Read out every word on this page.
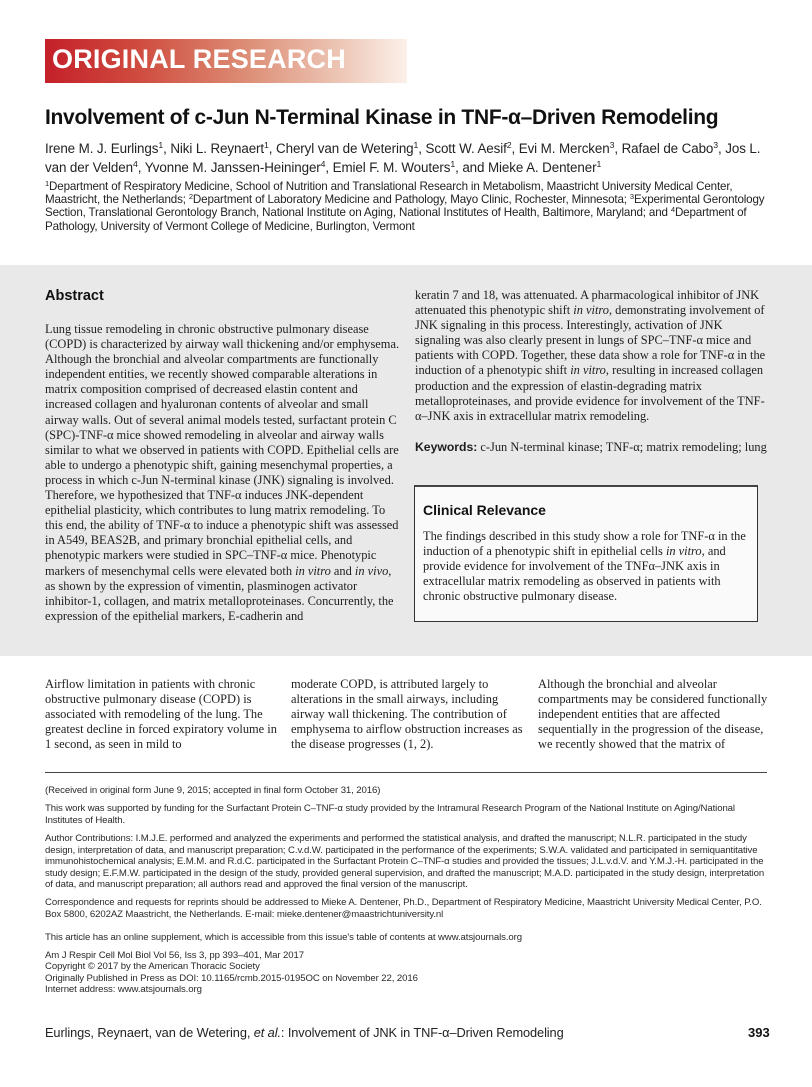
ORIGINAL RESEARCH
Involvement of c-Jun N-Terminal Kinase in TNF-α–Driven Remodeling
Irene M. J. Eurlings$^1$, Niki L. Reynaert$^1$, Cheryl van de Wetering$^1$, Scott W. Aesif$^2$, Evi M. Mercken$^3$, Rafael de Cabo$^3$, Jos L. van der Velden$^4$, Yvonne M. Janssen-Heininger$^4$, Emiel F. M. Wouters$^1$, and Mieke A. Dentener$^1$
$^1$Department of Respiratory Medicine, School of Nutrition and Translational Research in Metabolism, Maastricht University Medical Center, Maastricht, the Netherlands; $^2$Department of Laboratory Medicine and Pathology, Mayo Clinic, Rochester, Minnesota; $^3$Experimental Gerontology Section, Translational Gerontology Branch, National Institute on Aging, National Institutes of Health, Baltimore, Maryland; and $^4$Department of Pathology, University of Vermont College of Medicine, Burlington, Vermont
Abstract
Lung tissue remodeling in chronic obstructive pulmonary disease (COPD) is characterized by airway wall thickening and/or emphysema. Although the bronchial and alveolar compartments are functionally independent entities, we recently showed comparable alterations in matrix composition comprised of decreased elastin content and increased collagen and hyaluronan contents of alveolar and small airway walls. Out of several animal models tested, surfactant protein C (SPC)-TNF-α mice showed remodeling in alveolar and airway walls similar to what we observed in patients with COPD. Epithelial cells are able to undergo a phenotypic shift, gaining mesenchymal properties, a process in which c-Jun N-terminal kinase (JNK) signaling is involved. Therefore, we hypothesized that TNF-α induces JNK-dependent epithelial plasticity, which contributes to lung matrix remodeling. To this end, the ability of TNF-α to induce a phenotypic shift was assessed in A549, BEAS2B, and primary bronchial epithelial cells, and phenotypic markers were studied in SPC–TNF-α mice. Phenotypic markers of mesenchymal cells were elevated both in vitro and in vivo, as shown by the expression of vimentin, plasminogen activator inhibitor-1, collagen, and matrix metalloproteinases. Concurrently, the expression of the epithelial markers, E-cadherin and
keratin 7 and 18, was attenuated. A pharmacological inhibitor of JNK attenuated this phenotypic shift in vitro, demonstrating involvement of JNK signaling in this process. Interestingly, activation of JNK signaling was also clearly present in lungs of SPC–TNF-α mice and patients with COPD. Together, these data show a role for TNF-α in the induction of a phenotypic shift in vitro, resulting in increased collagen production and the expression of elastin-degrading matrix metalloproteinases, and provide evidence for involvement of the TNF-α–JNK axis in extracellular matrix remodeling.
Keywords: c-Jun N-terminal kinase; TNF-α; matrix remodeling; lung
Clinical Relevance
The findings described in this study show a role for TNF-α in the induction of a phenotypic shift in epithelial cells in vitro, and provide evidence for involvement of the TNFα–JNK axis in extracellular matrix remodeling as observed in patients with chronic obstructive pulmonary disease.
Airflow limitation in patients with chronic obstructive pulmonary disease (COPD) is associated with remodeling of the lung. The greatest decline in forced expiratory volume in 1 second, as seen in mild to
moderate COPD, is attributed largely to alterations in the small airways, including airway wall thickening. The contribution of emphysema to airflow obstruction increases as the disease progresses (1, 2).
Although the bronchial and alveolar compartments may be considered functionally independent entities that are affected sequentially in the progression of the disease, we recently showed that the matrix of
(Received in original form June 9, 2015; accepted in final form October 31, 2016)
This work was supported by funding for the Surfactant Protein C–TNF-α study provided by the Intramural Research Program of the National Institute on Aging/National Institutes of Health.
Author Contributions: I.M.J.E. performed and analyzed the experiments and performed the statistical analysis, and drafted the manuscript; N.L.R. participated in the study design, interpretation of data, and manuscript preparation; C.v.d.W. participated in the performance of the experiments; S.W.A. validated and participated in semiquantitative immunohistochemical analysis; E.M.M. and R.d.C. participated in the Surfactant Protein C–TNF-α studies and provided the tissues; J.L.v.d.V. and Y.M.J.-H. participated in the study design; E.F.M.W. participated in the design of the study, provided general supervision, and drafted the manuscript; M.A.D. participated in the study design, interpretation of data, and manuscript preparation; all authors read and approved the final version of the manuscript.
Correspondence and requests for reprints should be addressed to Mieke A. Dentener, Ph.D., Department of Respiratory Medicine, Maastricht University Medical Center, P.O. Box 5800, 6202AZ Maastricht, the Netherlands. E-mail: mieke.dentener@maastrichtuniversity.nl
This article has an online supplement, which is accessible from this issue's table of contents at www.atsjournals.org
Am J Respir Cell Mol Biol Vol 56, Iss 3, pp 393–401, Mar 2017
Copyright © 2017 by the American Thoracic Society
Originally Published in Press as DOI: 10.1165/rcmb.2015-0195OC on November 22, 2016
Internet address: www.atsjournals.org
Eurlings, Reynaert, van de Wetering, et al.: Involvement of JNK in TNF-α–Driven Remodeling	393
